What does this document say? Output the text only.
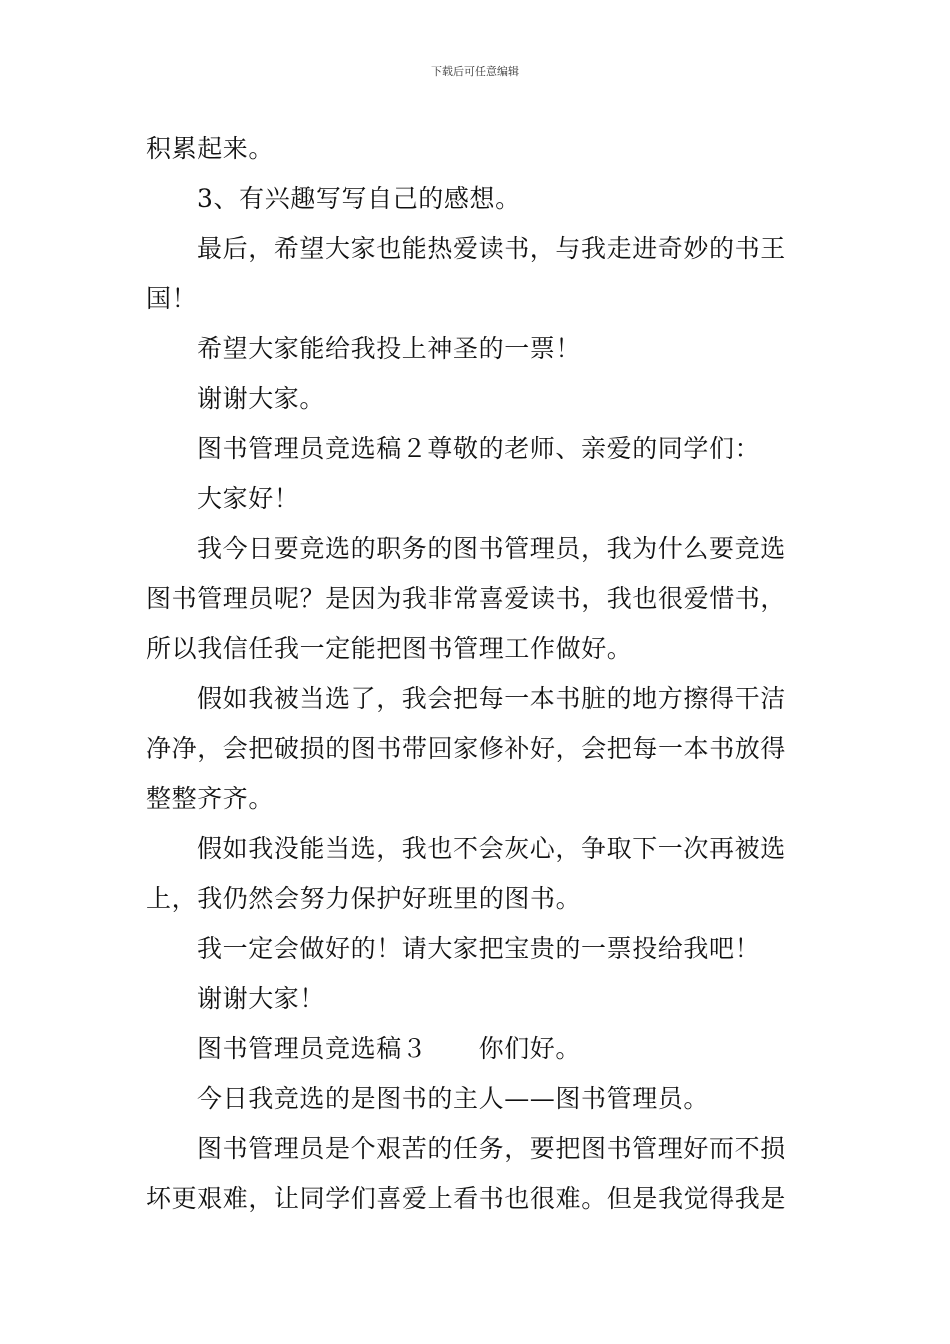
下载后可任意编辑
积累起来。
3、有兴趣写写自己的感想。
最后，希望大家也能热爱读书，与我走进奇妙的书王
国！
希望大家能给我投上神圣的一票！
谢谢大家。
图书管理员竞选稿２尊敬的老师、亲爱的同学们：
大家好！
我今日要竞选的职务的图书管理员，我为什么要竞选
图书管理员呢？是因为我非常喜爱读书，我也很爱惜书，
所以我信任我一定能把图书管理工作做好。
假如我被当选了，我会把每一本书脏的地方擦得干洁
净净，会把破损的图书带回家修补好，会把每一本书放得
整整齐齐。
假如我没能当选，我也不会灰心，争取下一次再被选
上，我仍然会努力保护好班里的图书。
我一定会做好的！请大家把宝贵的一票投给我吧！
谢谢大家！
图书管理员竞选稿３　　你们好。
今日我竞选的是图书的主人——图书管理员。
图书管理员是个艰苦的任务，要把图书管理好而不损
坏更艰难，让同学们喜爱上看书也很难。但是我觉得我是
